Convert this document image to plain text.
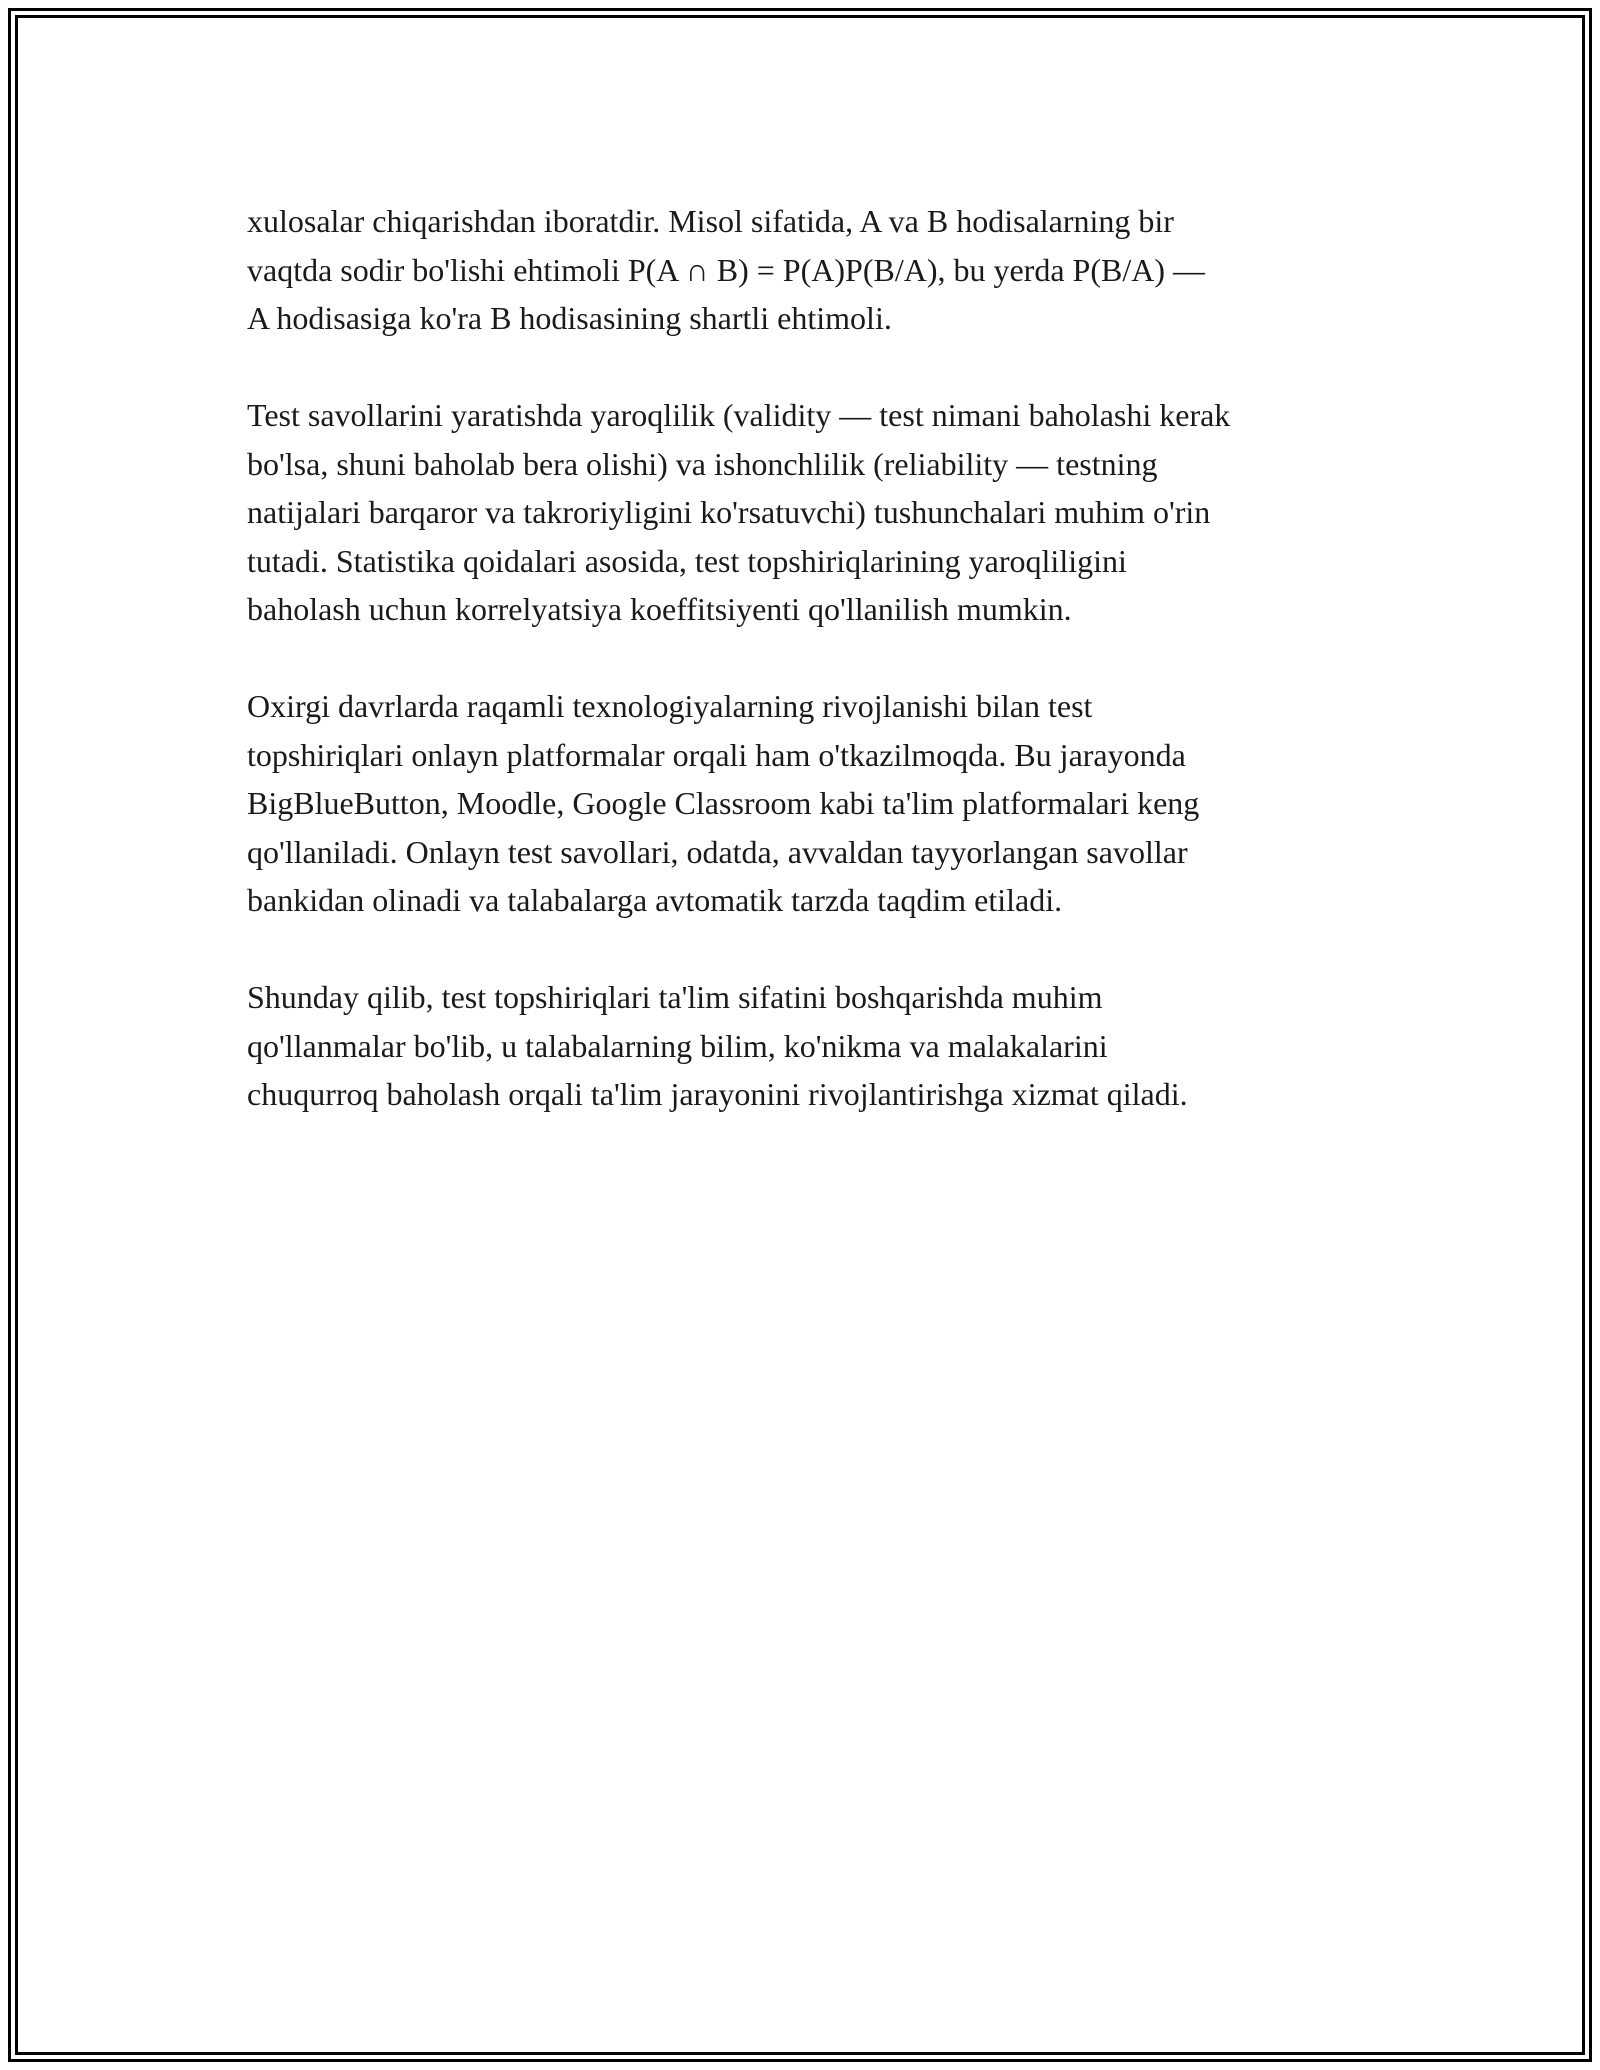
xulosalar chiqarishdan iboratdir. Misol sifatida, A va B hodisalarning bir
vaqtda sodir bo'lishi ehtimoli P(A ∩ B) = P(A)P(B/A), bu yerda P(B/A) —
A hodisasiga ko'ra B hodisasining shartli ehtimoli.

Test savollarini yaratishda yaroqlilik (validity — test nimani baholashi kerak
bo'lsa, shuni baholab bera olishi) va ishonchlilik (reliability — testning
natijalari barqaror va takroriyligini ko'rsatuvchi) tushunchalari muhim o'rin
tutadi. Statistika qoidalari asosida, test topshiriqlarining yaroqliligini
baholash uchun korrelyatsiya koeffitsiyenti qo'llanilish mumkin.

Oxirgi davrlarda raqamli texnologiyalarning rivojlanishi bilan test
topshiriqlari onlayn platformalar orqali ham o'tkazilmoqda. Bu jarayonda
BigBlueButton, Moodle, Google Classroom kabi ta'lim platformalari keng
qo'llaniladi. Onlayn test savollari, odatda, avvaldan tayyorlangan savollar
bankidan olinadi va talabalarga avtomatik tarzda taqdim etiladi.

Shunday qilib, test topshiriqlari ta'lim sifatini boshqarishda muhim
qo'llanmalar bo'lib, u talabalarning bilim, ko'nikma va malakalarini
chuqurroq baholash orqali ta'lim jarayonini rivojlantirishga xizmat qiladi.
